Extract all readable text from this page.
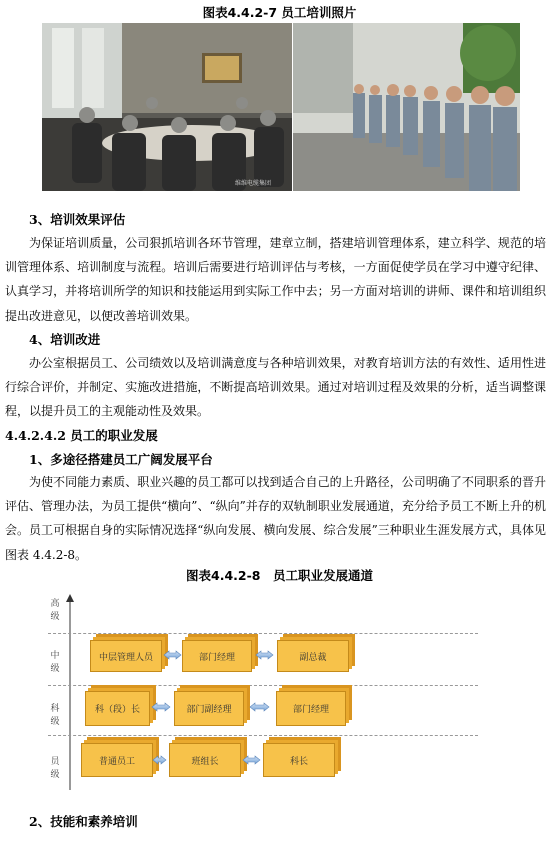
图表4.4.2-7 员工培训照片
维维电缆集团
3、培训效果评估
为保证培训质量，公司狠抓培训各环节管理，建章立制，搭建培训管理体系，建立科学、规范的培训管理体系、培训制度与流程。培训后需要进行培训评估与考核，一方面促使学员在学习中遵守纪律、认真学习，并将培训所学的知识和技能运用到实际工作中去；另一方面对培训的讲师、课件和培训组织提出改进意见，以便改善培训效果。
4、培训改进
办公室根据员工、公司绩效以及培训满意度与各种培训效果，对教育培训方法的有效性、适用性进行综合评价，并制定、实施改进措施，不断提高培训效果。通过对培训过程及效果的分析，适当调整课程，以提升员工的主观能动性及效果。
4.4.2.4.2 员工的职业发展
1、多途径搭建员工广阔发展平台
为使不同能力素质、职业兴趣的员工都可以找到适合自己的上升路径，公司明确了不同职系的晋升评估、管理办法，为员工提供“横向”、“纵向”并存的双轨制职业发展通道，充分给予员工不断上升的机会。员工可根据自身的实际情况选择“纵向发展、横向发展、综合发展”三种职业生涯发展方式，具体见图表 4.4.2-8。
图表4.4.2-8　员工职业发展通道
高
级
中
级
科
级
员
级
中层管理人员	部门经理	副总裁
科（段）长	部门副经理	部门经理
普通员工	班组长	科长
2、技能和素养培训
